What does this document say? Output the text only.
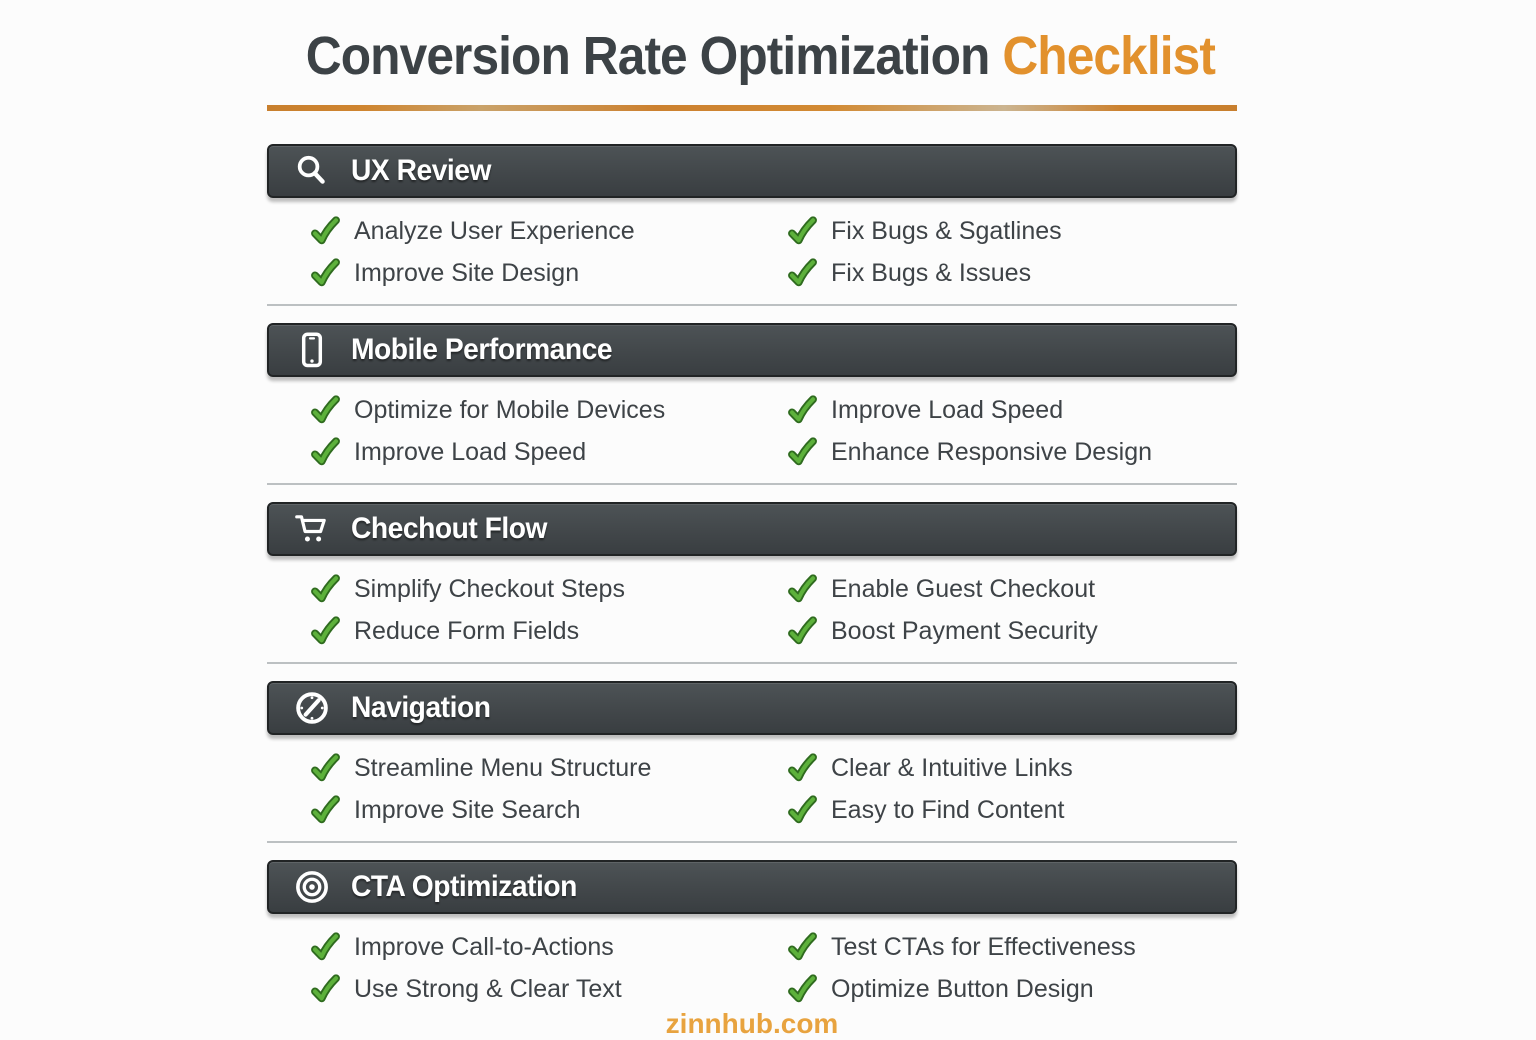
Conversion Rate Optimization Checklist
UX Review
Analyze User Experience	Fix Bugs & Sgatlines
Improve Site Design	Fix Bugs & Issues
Mobile Performance
Optimize for Mobile Devices	Improve Load Speed
Improve Load Speed	Enhance Responsive Design
Chechout Flow
Simplify Checkout Steps	Enable Guest Checkout
Reduce Form Fields	Boost Payment Security
Navigation
Streamline Menu Structure	Clear & Intuitive Links
Improve Site Search	Easy to Find Content
CTA Optimization
Improve Call-to-Actions	Test CTAs for Effectiveness
Use Strong & Clear Text	Optimize Button Design
zinnhub.com
